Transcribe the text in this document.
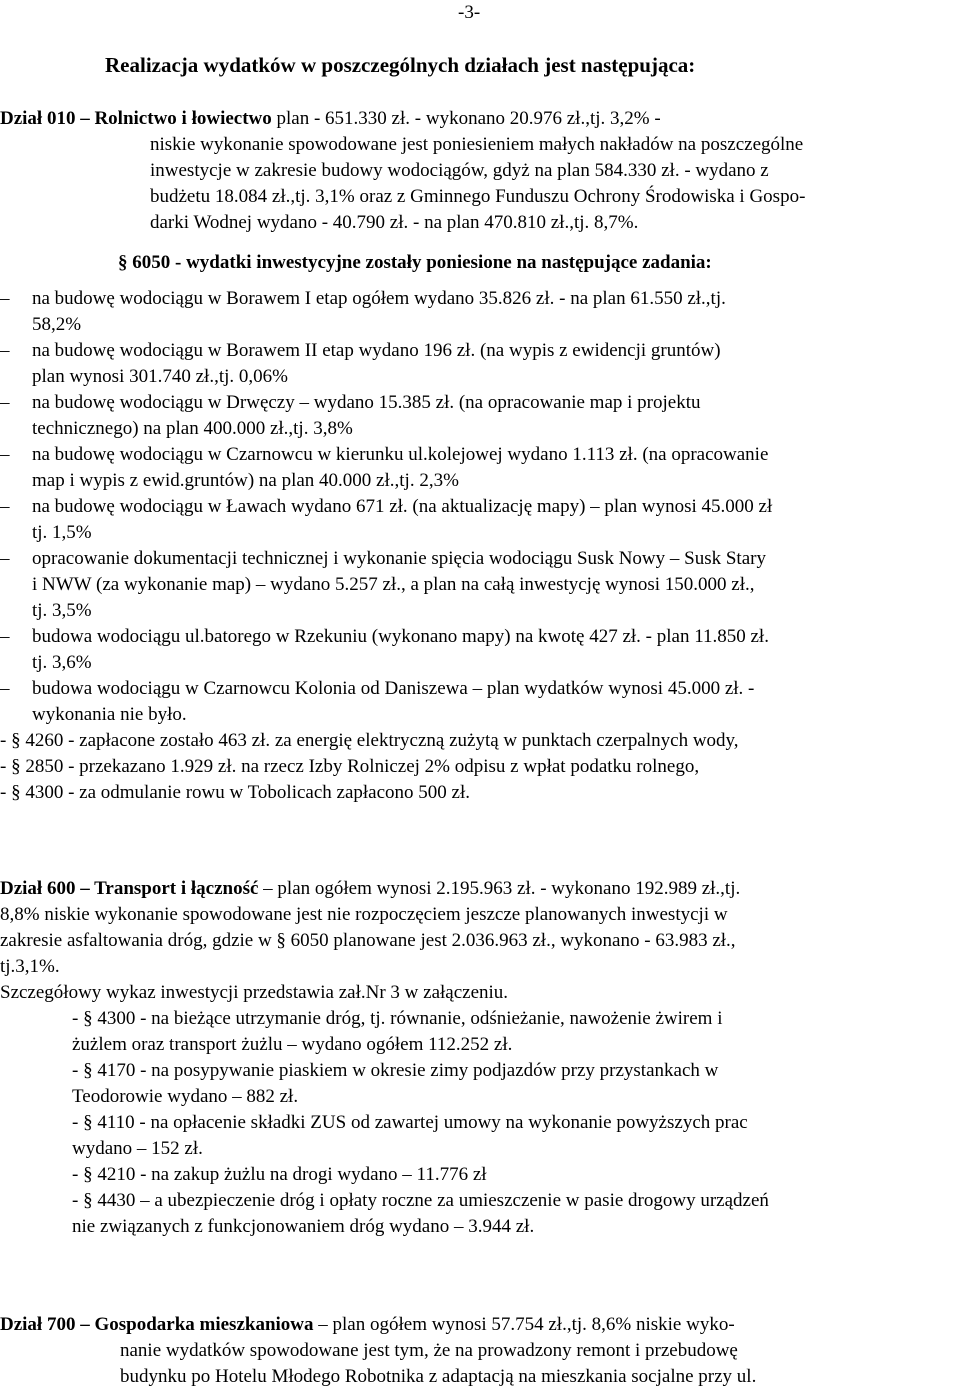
-3-
Realizacja wydatków w poszczególnych działach jest następująca:

Dział 010 – Rolnictwo i łowiectwo plan - 651.330 zł. - wykonano 20.976 zł.,tj. 3,2% -

niskie wykonanie spowodowane jest poniesieniem małych nakładów na poszczególne

inwestycje w zakresie budowy wodociągów, gdyż na plan 584.330 zł. - wydano z

budżetu 18.084 zł.,tj. 3,1% oraz z Gminnego Funduszu Ochrony Środowiska i Gospo-

darki Wodnej wydano - 40.790 zł. - na plan 470.810 zł.,tj. 8,7%.

§ 6050 - wydatki inwestycyjne zostały poniesione na następujące zadania:

– na budowę wodociągu w Borawem I etap ogółem wydano 35.826 zł. - na plan 61.550 zł.,tj.

58,2%

– na budowę wodociągu w Borawem II etap wydano 196 zł. (na wypis z ewidencji gruntów)

plan wynosi 301.740 zł.,tj. 0,06%

– na budowę wodociągu w Drwęczy – wydano 15.385 zł. (na opracowanie map i projektu

technicznego) na plan 400.000 zł.,tj. 3,8%

– na budowę wodociągu w Czarnowcu w kierunku ul.kolejowej wydano 1.113 zł. (na opracowanie

map i wypis z ewid.gruntów) na plan 40.000 zł.,tj. 2,3%

– na budowę wodociągu w Ławach wydano 671 zł. (na aktualizację mapy) – plan wynosi 45.000 zł

tj. 1,5%

– opracowanie dokumentacji technicznej i wykonanie spięcia wodociągu Susk Nowy – Susk Stary

i NWW (za wykonanie map) – wydano 5.257 zł., a plan na całą inwestycję wynosi 150.000 zł.,

tj. 3,5%

– budowa wodociągu ul.batorego w Rzekuniu (wykonano mapy) na kwotę 427 zł. - plan 11.850 zł.

tj. 3,6%

– budowa wodociągu w Czarnowcu Kolonia od Daniszewa – plan wydatków wynosi 45.000 zł. -

wykonania nie było.

- § 4260 - zapłacone zostało 463 zł. za energię elektryczną zużytą w punktach czerpalnych wody,

- § 2850 - przekazano 1.929 zł. na rzecz Izby Rolniczej 2% odpisu z wpłat podatku rolnego,

- § 4300 - za odmulanie rowu w Tobolicach zapłacono 500 zł.

Dział 600 – Transport i łączność – plan ogółem wynosi 2.195.963 zł. - wykonano 192.989 zł.,tj.

8,8% niskie wykonanie spowodowane jest nie rozpoczęciem jeszcze planowanych inwestycji w

zakresie asfaltowania dróg, gdzie w § 6050 planowane jest 2.036.963 zł., wykonano - 63.983 zł.,

tj.3,1%.

Szczegółowy wykaz inwestycji przedstawia zał.Nr 3 w załączeniu.

- § 4300 - na bieżące utrzymanie dróg, tj. równanie, odśnieżanie, nawożenie żwirem i

żużlem oraz transport żużlu – wydano ogółem 112.252 zł.

- § 4170 - na posypywanie piaskiem w okresie zimy podjazdów przy przystankach w

Teodorowie wydano – 882 zł.

- § 4110 - na opłacenie składki ZUS od zawartej umowy na wykonanie powyższych prac

wydano – 152 zł.

- § 4210 - na zakup żużlu na drogi wydano – 11.776 zł

- § 4430 – a ubezpieczenie dróg i opłaty roczne za umieszczenie w pasie drogowy urządzeń

nie związanych z funkcjonowaniem dróg wydano – 3.944 zł.

Dział 700 – Gospodarka mieszkaniowa – plan ogółem wynosi 57.754 zł.,tj. 8,6% niskie wyko-

nanie wydatków spowodowane jest tym, że na prowadzony remont i przebudowę

budynku po Hotelu Młodego Robotnika z adaptacją na mieszkania socjalne przy ul.
